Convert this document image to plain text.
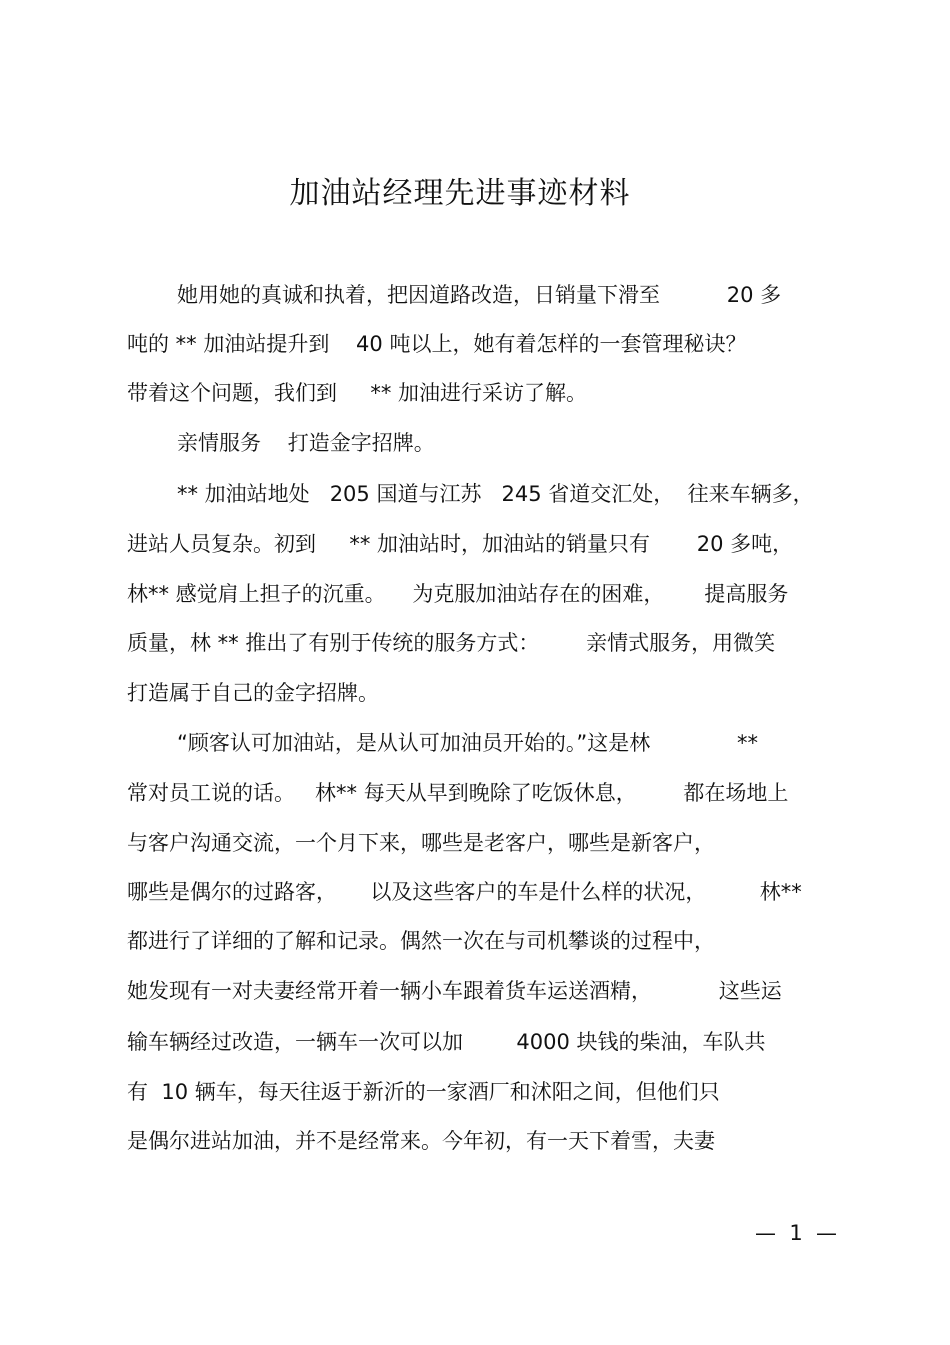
加油站经理先进事迹材料
她用她的真诚和执着，把因道路改造，日销量下滑至          20 多
吨的 ** 加油站提升到    40 吨以上，她有着怎样的一套管理秘诀？
带着这个问题，我们到     ** 加油进行采访了解。
亲情服务    打造金字招牌。
** 加油站地处   205 国道与江苏   245 省道交汇处，  往来车辆多，
进站人员复杂。初到     ** 加油站时，加油站的销量只有       20 多吨，
林** 感觉肩上担子的沉重。    为克服加油站存在的困难，      提高服务
质量，林 ** 推出了有别于传统的服务方式：       亲情式服务，用微笑
打造属于自己的金字招牌。
“顾客认可加油站，是从认可加油员开始的。”这是林             **
常对员工说的话。   林** 每天从早到晚除了吃饭休息，       都在场地上
与客户沟通交流，一个月下来，哪些是老客户，哪些是新客户，
哪些是偶尔的过路客，     以及这些客户的车是什么样的状况，        林**
都进行了详细的了解和记录。偶然一次在与司机攀谈的过程中，
她发现有一对夫妻经常开着一辆小车跟着货车运送酒精，          这些运
输车辆经过改造，一辆车一次可以加        4000 块钱的柴油，车队共
有  10 辆车，每天往返于新沂的一家酒厂和沭阳之间，但他们只
是偶尔进站加油，并不是经常来。今年初，有一天下着雪，夫妻
—  1  —
